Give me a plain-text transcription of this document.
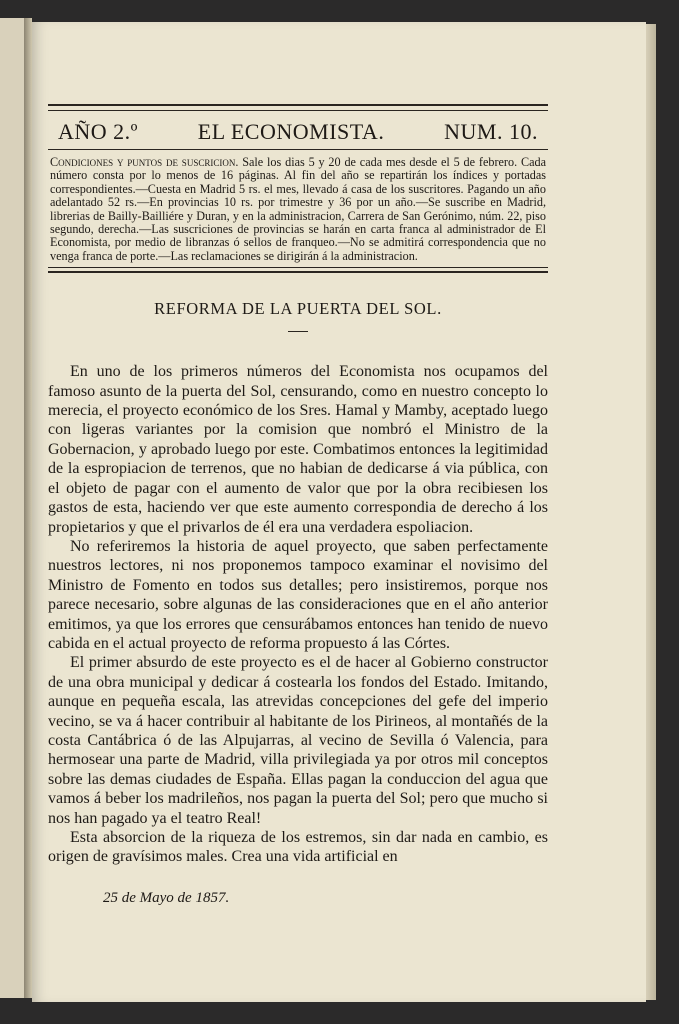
AÑO 2.º	EL ECONOMISTA.	NUM. 10.
Condiciones y puntos de suscricion. Sale los dias 5 y 20 de cada mes desde el 5 de febrero. Cada número consta por lo menos de 16 páginas. Al fin del año se repartirán los índices y portadas correspondientes.—Cuesta en Madrid 5 rs. el mes, llevado á casa de los suscritores. Pagando un año adelantado 52 rs.—En provincias 10 rs. por trimestre y 36 por un año.—Se suscribe en Madrid, librerias de Bailly-Bailliére y Duran, y en la administracion, Carrera de San Gerónimo, núm. 22, piso segundo, derecha.—Las suscriciones de provincias se harán en carta franca al administrador de El Economista, por medio de libranzas ó sellos de franqueo.—No se admitirá correspondencia que no venga franca de porte.—Las reclamaciones se dirigirán á la administracion.
REFORMA DE LA PUERTA DEL SOL.

En uno de los primeros números del Economista nos ocupamos del famoso asunto de la puerta del Sol, censurando, como en nuestro concepto lo merecia, el proyecto económico de los Sres. Hamal y Mamby, aceptado luego con ligeras variantes por la comision que nombró el Ministro de la Gobernacion, y aprobado luego por este. Combatimos entonces la legitimidad de la espropiacion de terrenos, que no habian de dedicarse á via pública, con el objeto de pagar con el aumento de valor que por la obra recibiesen los gastos de esta, haciendo ver que este aumento correspondia de derecho á los propietarios y que el privarlos de él era una verdadera espoliacion.

No referiremos la historia de aquel proyecto, que saben perfectamente nuestros lectores, ni nos proponemos tampoco examinar el novisimo del Ministro de Fomento en todos sus detalles; pero insistiremos, porque nos parece necesario, sobre algunas de las consideraciones que en el año anterior emitimos, ya que los errores que censurábamos entonces han tenido de nuevo cabida en el actual proyecto de reforma propuesto á las Córtes.

El primer absurdo de este proyecto es el de hacer al Gobierno constructor de una obra municipal y dedicar á costearla los fondos del Estado. Imitando, aunque en pequeña escala, las atrevidas concepciones del gefe del imperio vecino, se va á hacer contribuir al habitante de los Pirineos, al montañés de la costa Cantábrica ó de las Alpujarras, al vecino de Sevilla ó Valencia, para hermosear una parte de Madrid, villa privilegiada ya por otros mil conceptos sobre las demas ciudades de España. Ellas pagan la conduccion del agua que vamos á beber los madrileños, nos pagan la puerta del Sol; pero que mucho si nos han pagado ya el teatro Real!

Esta absorcion de la riqueza de los estremos, sin dar nada en cambio, es origen de gravísimos males. Crea una vida artificial en

25 de Mayo de 1857.
